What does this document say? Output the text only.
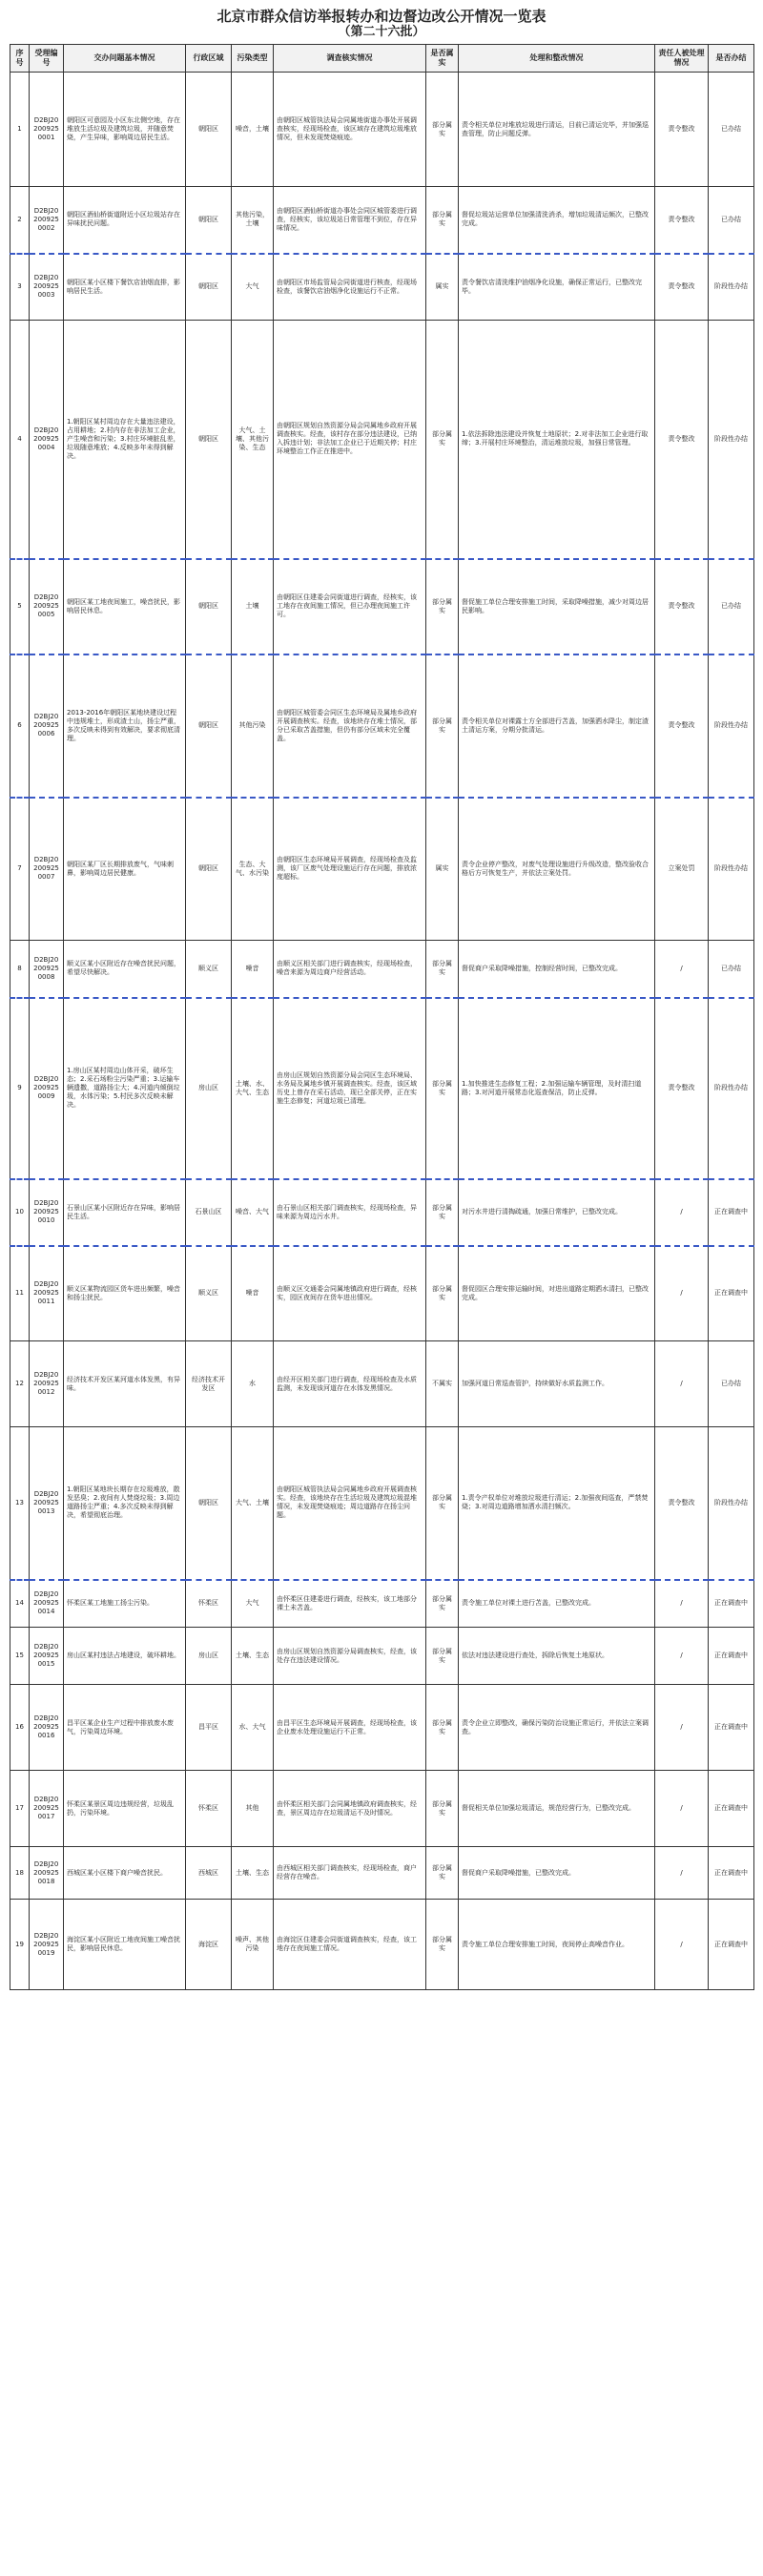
北京市群众信访举报转办和边督边改公开情况一览表
（第二十六批）
序号	受理编号	交办问题基本情况	行政区域	污染类型	调查核实情况	是否属实	处理和整改情况	责任人被处理情况	是否办结
1	D2BJ202009250001	朝阳区可意园及小区东北侧空地，存在堆放生活垃圾及建筑垃圾，并随意焚烧，产生异味，影响周边居民生活。	朝阳区	噪音，土壤	由朝阳区城管执法局会同属地街道办事处开展调查核实，经现场检查，该区域存在建筑垃圾堆放情况，但未发现焚烧痕迹。	部分属实	责令相关单位对堆放垃圾进行清运，目前已清运完毕，并加强巡查管理，防止问题反弹。	责令整改	已办结
2	D2BJ202009250002	朝阳区酒仙桥街道附近小区垃圾站存在异味扰民问题。	朝阳区	其他污染，土壤	由朝阳区酒仙桥街道办事处会同区城管委进行调查，经核实，该垃圾站日常管理不到位，存在异味情况。	部分属实	督促垃圾站运营单位加强清洗消杀，增加垃圾清运频次，已整改完成。	责令整改	已办结
3	D2BJ202009250003	朝阳区某小区楼下餐饮店油烟直排，影响居民生活。	朝阳区	大气	由朝阳区市场监管局会同街道进行核查，经现场检查，该餐饮店油烟净化设施运行不正常。	属实	责令餐饮店清洗维护油烟净化设施，确保正常运行，已整改完毕。	责令整改	阶段性办结
4	D2BJ202009250004	1.朝阳区某村周边存在大量违法建设，占用耕地；2.村内存在非法加工企业，产生噪音和污染；3.村庄环境脏乱差，垃圾随意堆放；4.反映多年未得到解决。	朝阳区	大气、土壤、其他污染、生态	由朝阳区规划自然资源分局会同属地乡政府开展调查核实。经查，该村存在部分违法建设，已纳入拆违计划；非法加工企业已于近期关停；村庄环境整治工作正在推进中。	部分属实	1.依法拆除违法建设并恢复土地原状；2.对非法加工企业进行取缔；3.开展村庄环境整治，清运堆放垃圾，加强日常管理。	责令整改	阶段性办结
5	D2BJ202009250005	朝阳区某工地夜间施工，噪音扰民，影响居民休息。	朝阳区	土壤	由朝阳区住建委会同街道进行调查，经核实，该工地存在夜间施工情况，但已办理夜间施工许可。	部分属实	督促施工单位合理安排施工时间，采取降噪措施，减少对周边居民影响。	责令整改	已办结
6	D2BJ202009250006	2013-2016年朝阳区某地块建设过程中违规堆土，形成渣土山，扬尘严重，多次反映未得到有效解决，要求彻底清理。	朝阳区	其他污染	由朝阳区城管委会同区生态环境局及属地乡政府开展调查核实。经查，该地块存在堆土情况，部分已采取苫盖措施，但仍有部分区域未完全覆盖。	部分属实	责令相关单位对裸露土方全部进行苫盖，加强洒水降尘，制定渣土清运方案，分期分批清运。	责令整改	阶段性办结
7	D2BJ202009250007	朝阳区某厂区长期排放废气，气味刺鼻，影响周边居民健康。	朝阳区	生态、大气、水污染	由朝阳区生态环境局开展调查，经现场检查及监测，该厂区废气处理设施运行存在问题，排放浓度超标。	属实	责令企业停产整改，对废气处理设施进行升级改造，整改验收合格后方可恢复生产，并依法立案处罚。	立案处罚	阶段性办结
8	D2BJ202009250008	顺义区某小区附近存在噪音扰民问题，希望尽快解决。	顺义区	噪音	由顺义区相关部门进行调查核实，经现场检查，噪音来源为周边商户经营活动。	部分属实	督促商户采取降噪措施，控制经营时间，已整改完成。	/	已办结
9	D2BJ202009250009	1.房山区某村周边山体开采，破坏生态；2.采石场粉尘污染严重；3.运输车辆遗撒，道路扬尘大；4.河道内倾倒垃圾，水体污染；5.村民多次反映未解决。	房山区	土壤、水、大气、生态	由房山区规划自然资源分局会同区生态环境局、水务局及属地乡镇开展调查核实。经查，该区域历史上曾存在采石活动，现已全部关停，正在实施生态修复；河道垃圾已清理。	部分属实	1.加快推进生态修复工程；2.加强运输车辆管理，及时清扫道路；3.对河道开展常态化巡查保洁，防止反弹。	责令整改	阶段性办结
10	D2BJ202009250010	石景山区某小区附近存在异味，影响居民生活。	石景山区	噪音、大气	由石景山区相关部门调查核实，经现场检查，异味来源为周边污水井。	部分属实	对污水井进行清掏疏通，加强日常维护，已整改完成。	/	正在调查中
11	D2BJ202009250011	顺义区某物流园区货车进出频繁，噪音和扬尘扰民。	顺义区	噪音	由顺义区交通委会同属地镇政府进行调查，经核实，园区夜间存在货车进出情况。	部分属实	督促园区合理安排运输时间，对进出道路定期洒水清扫，已整改完成。	/	正在调查中
12	D2BJ202009250012	经济技术开发区某河道水体发黑，有异味。	经济技术开发区	水	由经开区相关部门进行调查，经现场检查及水质监测，未发现该河道存在水体发黑情况。	不属实	加强河道日常巡查管护，持续做好水质监测工作。	/	已办结
13	D2BJ202009250013	1.朝阳区某地块长期存在垃圾堆放，散发恶臭；2.夜间有人焚烧垃圾；3.周边道路扬尘严重；4.多次反映未得到解决，希望彻底治理。	朝阳区	大气、土壤	由朝阳区城管执法局会同属地乡政府开展调查核实。经查，该地块存在生活垃圾及建筑垃圾混堆情况，未发现焚烧痕迹；周边道路存在扬尘问题。	部分属实	1.责令产权单位对堆放垃圾进行清运；2.加强夜间巡查，严禁焚烧；3.对周边道路增加洒水清扫频次。	责令整改	阶段性办结
14	D2BJ202009250014	怀柔区某工地施工扬尘污染。	怀柔区	大气	由怀柔区住建委进行调查，经核实，该工地部分裸土未苫盖。	部分属实	责令施工单位对裸土进行苫盖，已整改完成。	/	正在调查中
15	D2BJ202009250015	房山区某村违法占地建设，破坏耕地。	房山区	土壤、生态	由房山区规划自然资源分局调查核实，经查，该处存在违法建设情况。	部分属实	依法对违法建设进行查处，拆除后恢复土地原状。	/	正在调查中
16	D2BJ202009250016	昌平区某企业生产过程中排放废水废气，污染周边环境。	昌平区	水、大气	由昌平区生态环境局开展调查，经现场检查，该企业废水处理设施运行不正常。	部分属实	责令企业立即整改，确保污染防治设施正常运行，并依法立案调查。	/	正在调查中
17	D2BJ202009250017	怀柔区某景区周边违规经营，垃圾乱扔，污染环境。	怀柔区	其他	由怀柔区相关部门会同属地镇政府调查核实，经查，景区周边存在垃圾清运不及时情况。	部分属实	督促相关单位加强垃圾清运，规范经营行为，已整改完成。	/	正在调查中
18	D2BJ202009250018	西城区某小区楼下商户噪音扰民。	西城区	土壤、生态	由西城区相关部门调查核实，经现场检查，商户经营存在噪音。	部分属实	督促商户采取降噪措施，已整改完成。	/	正在调查中
19	D2BJ202009250019	海淀区某小区附近工地夜间施工噪音扰民，影响居民休息。	海淀区	噪声、其他污染	由海淀区住建委会同街道调查核实，经查，该工地存在夜间施工情况。	部分属实	责令施工单位合理安排施工时间，夜间停止高噪音作业。	/	正在调查中
